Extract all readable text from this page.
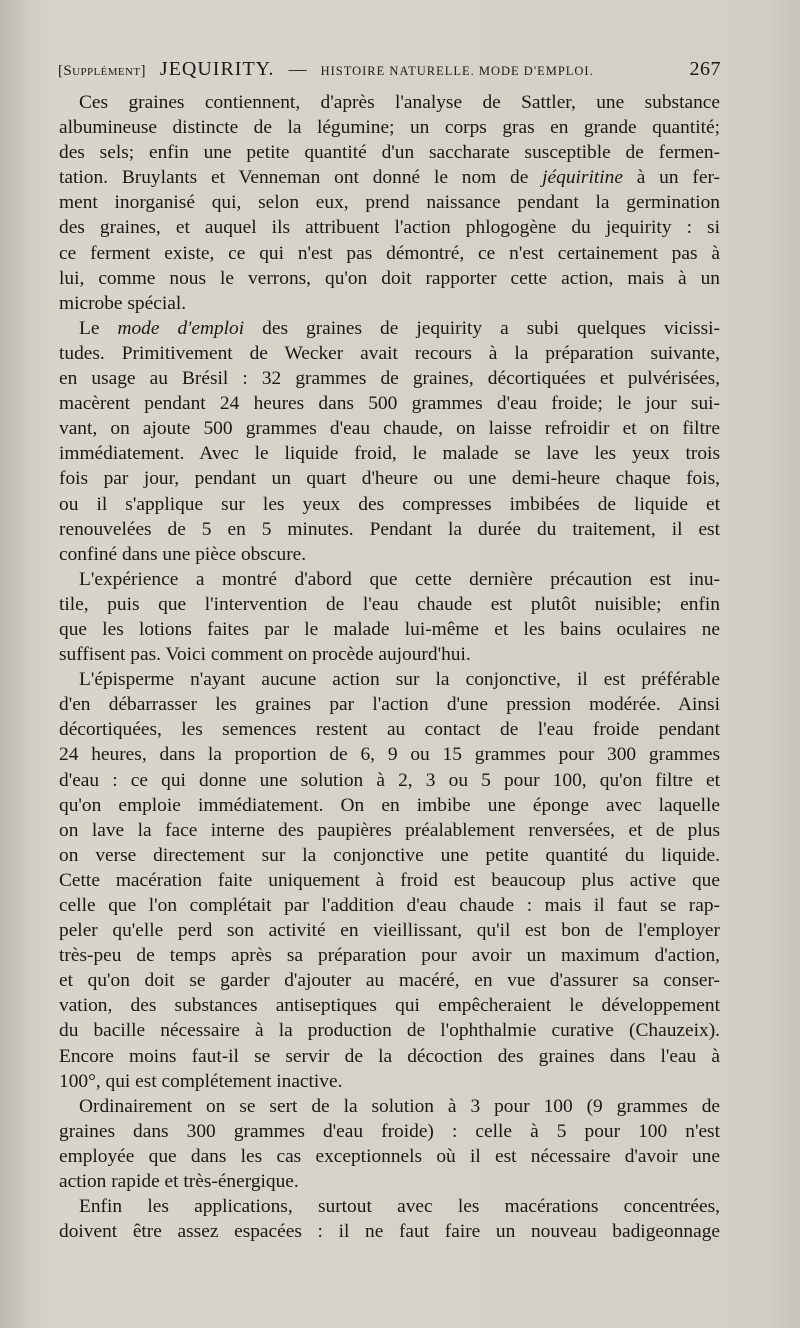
[Supplément] JEQUIRITY. — HISTOIRE NATURELLE. MODE D'EMPLOI.	267
Ces graines contiennent, d'après l'analyse de Sattler, une substance
albumineuse distincte de la légumine; un corps gras en grande quantité;
des sels; enfin une petite quantité d'un saccharate susceptible de fermen-
tation. Bruylants et Venneman ont donné le nom de jéquiritine à un fer-
ment inorganisé qui, selon eux, prend naissance pendant la germination
des graines, et auquel ils attribuent l'action phlogogène du jequirity : si
ce ferment existe, ce qui n'est pas démontré, ce n'est certainement pas à
lui, comme nous le verrons, qu'on doit rapporter cette action, mais à un
microbe spécial.
Le mode d'emploi des graines de jequirity a subi quelques vicissi-
tudes. Primitivement de Wecker avait recours à la préparation suivante,
en usage au Brésil : 32 grammes de graines, décortiquées et pulvérisées,
macèrent pendant 24 heures dans 500 grammes d'eau froide; le jour sui-
vant, on ajoute 500 grammes d'eau chaude, on laisse refroidir et on filtre
immédiatement. Avec le liquide froid, le malade se lave les yeux trois
fois par jour, pendant un quart d'heure ou une demi-heure chaque fois,
ou il s'applique sur les yeux des compresses imbibées de liquide et
renouvelées de 5 en 5 minutes. Pendant la durée du traitement, il est
confiné dans une pièce obscure.
L'expérience a montré d'abord que cette dernière précaution est inu-
tile, puis que l'intervention de l'eau chaude est plutôt nuisible; enfin
que les lotions faites par le malade lui-même et les bains oculaires ne
suffisent pas. Voici comment on procède aujourd'hui.
L'épisperme n'ayant aucune action sur la conjonctive, il est préférable
d'en débarrasser les graines par l'action d'une pression modérée. Ainsi
décortiquées, les semences restent au contact de l'eau froide pendant
24 heures, dans la proportion de 6, 9 ou 15 grammes pour 300 grammes
d'eau : ce qui donne une solution à 2, 3 ou 5 pour 100, qu'on filtre et
qu'on emploie immédiatement. On en imbibe une éponge avec laquelle
on lave la face interne des paupières préalablement renversées, et de plus
on verse directement sur la conjonctive une petite quantité du liquide.
Cette macération faite uniquement à froid est beaucoup plus active que
celle que l'on complétait par l'addition d'eau chaude : mais il faut se rap-
peler qu'elle perd son activité en vieillissant, qu'il est bon de l'employer
très-peu de temps après sa préparation pour avoir un maximum d'action,
et qu'on doit se garder d'ajouter au macéré, en vue d'assurer sa conser-
vation, des substances antiseptiques qui empêcheraient le développement
du bacille nécessaire à la production de l'ophthalmie curative (Chauzeix).
Encore moins faut-il se servir de la décoction des graines dans l'eau à
100°, qui est complétement inactive.
Ordinairement on se sert de la solution à 3 pour 100 (9 grammes de
graines dans 300 grammes d'eau froide) : celle à 5 pour 100 n'est
employée que dans les cas exceptionnels où il est nécessaire d'avoir une
action rapide et très-énergique.
Enfin les applications, surtout avec les macérations concentrées,
doivent être assez espacées : il ne faut faire un nouveau badigeonnage
